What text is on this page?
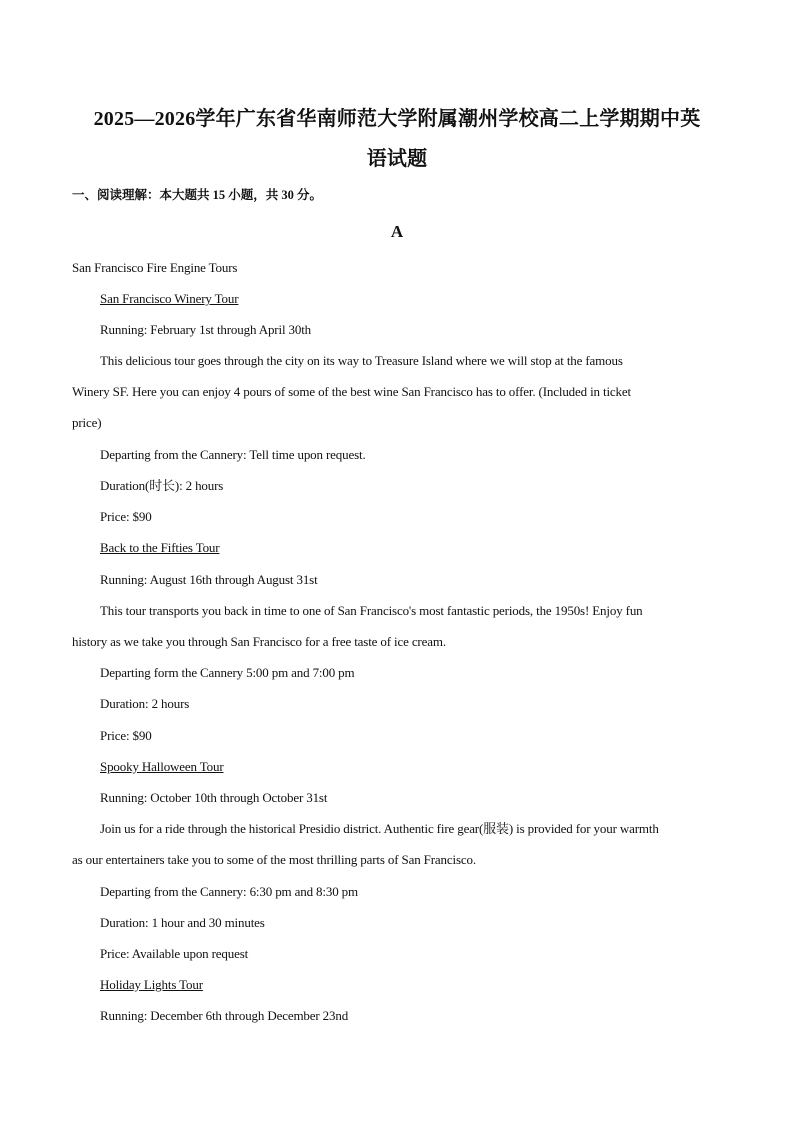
2025—2026学年广东省华南师范大学附属潮州学校高二上学期期中英
语试题
一、阅读理解：本大题共 15 小题，共 30 分。
A
San Francisco Fire Engine Tours
San Francisco Winery Tour
Running: February 1st through April 30th
This delicious tour goes through the city on its way to Treasure Island where we will stop at the famous
Winery SF. Here you can enjoy 4 pours of some of the best wine San Francisco has to offer. (Included in ticket
price)
Departing from the Cannery: Tell time upon request.
Duration(时长): 2 hours
Price: $90
Back to the Fifties Tour
Running: August 16th through August 31st
This tour transports you back in time to one of San Francisco's most fantastic periods, the 1950s! Enjoy fun
history as we take you through San Francisco for a free taste of ice cream.
Departing form the Cannery 5:00 pm and 7:00 pm
Duration: 2 hours
Price: $90
Spooky Halloween Tour
Running: October 10th through October 31st
Join us for a ride through the historical Presidio district. Authentic fire gear(服装) is provided for your warmth
as our entertainers take you to some of the most thrilling parts of San Francisco.
Departing from the Cannery: 6:30 pm and 8:30 pm
Duration: 1 hour and 30 minutes
Price: Available upon request
Holiday Lights Tour
Running: December 6th through December 23nd
